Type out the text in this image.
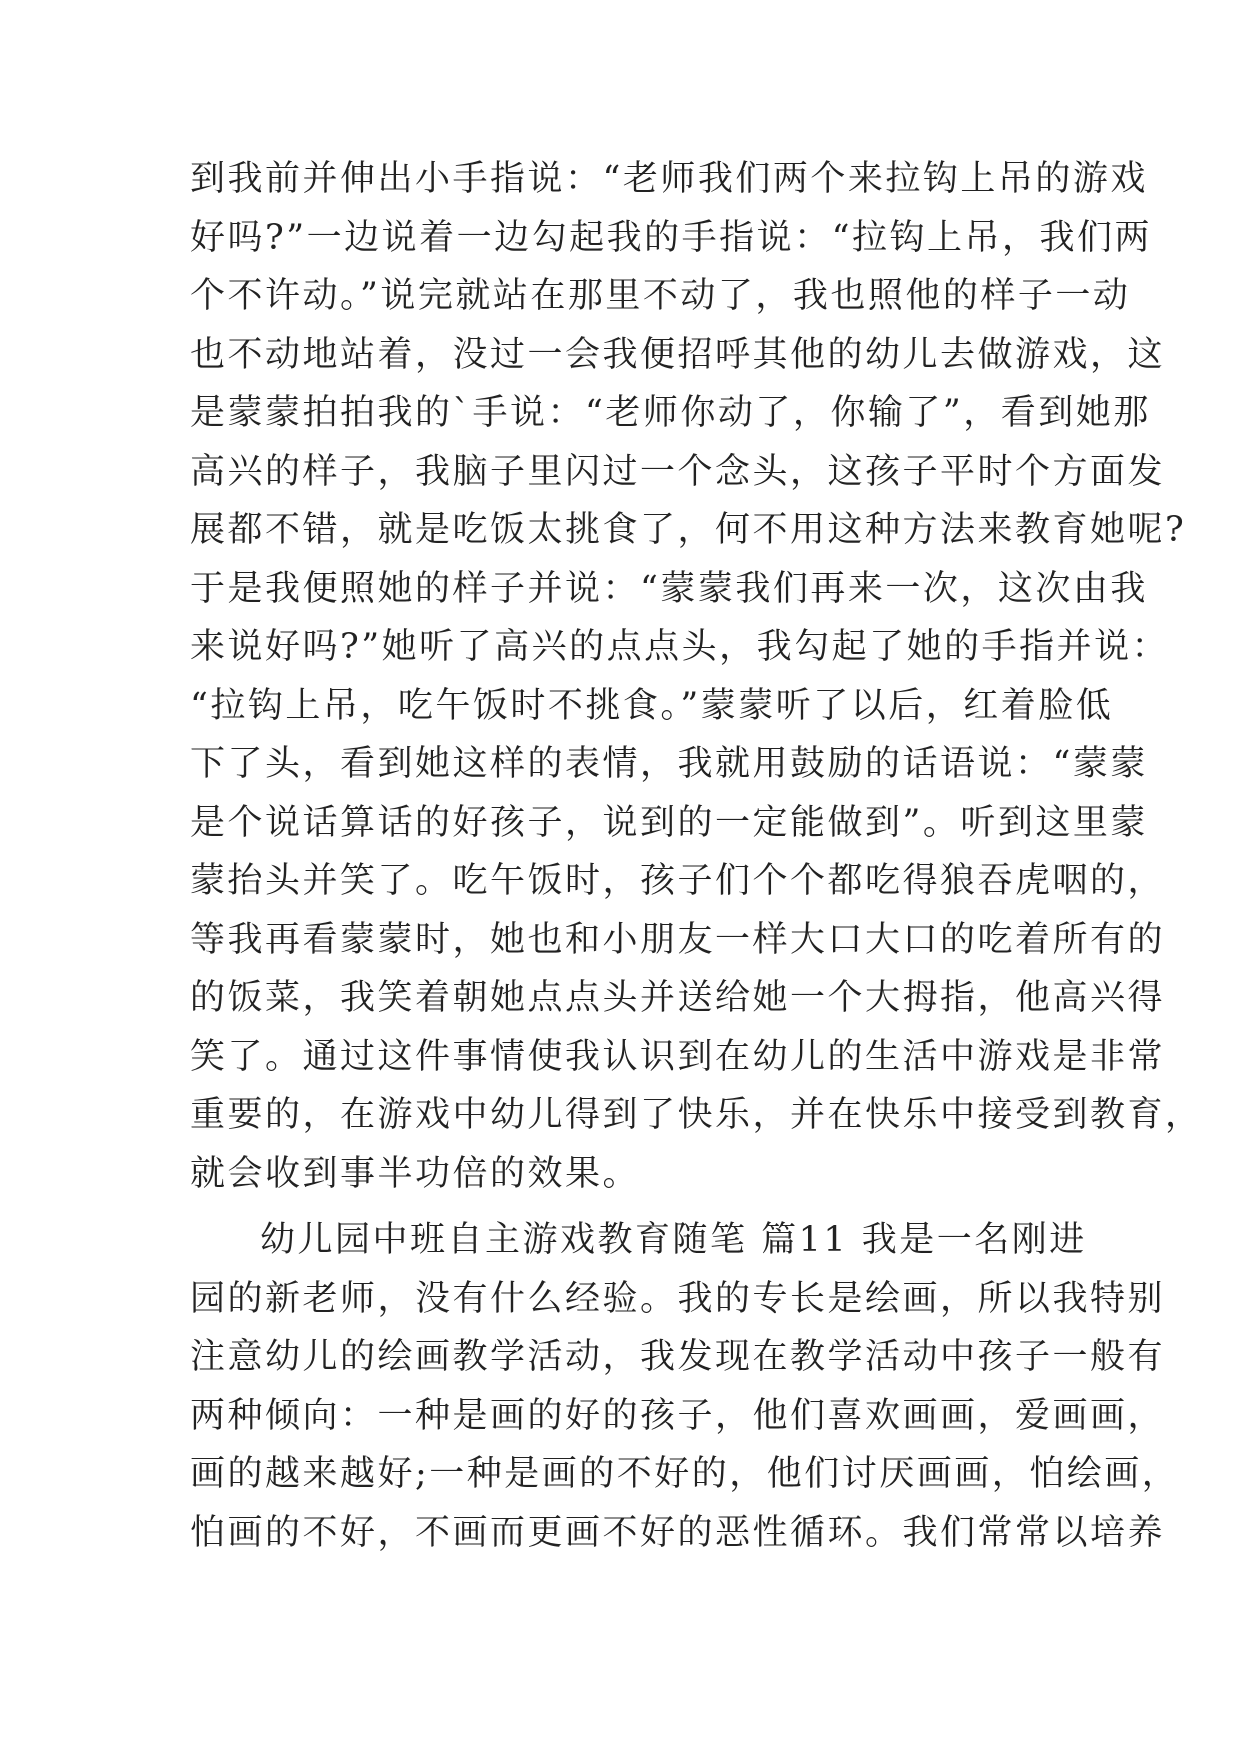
到我前并伸出小手指说：“老师我们两个来拉钩上吊的游戏
好吗?”一边说着一边勾起我的手指说：“拉钩上吊，我们两
个不许动。”说完就站在那里不动了，我也照他的样子一动
也不动地站着，没过一会我便招呼其他的幼儿去做游戏，这
是蒙蒙拍拍我的`手说：“老师你动了，你输了”，看到她那
高兴的样子，我脑子里闪过一个念头，这孩子平时个方面发
展都不错，就是吃饭太挑食了，何不用这种方法来教育她呢?
于是我便照她的样子并说：“蒙蒙我们再来一次，这次由我
来说好吗?”她听了高兴的点点头，我勾起了她的手指并说：
“拉钩上吊，吃午饭时不挑食。”蒙蒙听了以后，红着脸低
下了头，看到她这样的表情，我就用鼓励的话语说：“蒙蒙
是个说话算话的好孩子，说到的一定能做到”。听到这里蒙
蒙抬头并笑了。吃午饭时，孩子们个个都吃得狼吞虎咽的，
等我再看蒙蒙时，她也和小朋友一样大口大口的吃着所有的
的饭菜，我笑着朝她点点头并送给她一个大拇指，他高兴得
笑了。通过这件事情使我认识到在幼儿的生活中游戏是非常
重要的，在游戏中幼儿得到了快乐，并在快乐中接受到教育，
就会收到事半功倍的效果。
幼儿园中班自主游戏教育随笔 篇11 我是一名刚进
园的新老师，没有什么经验。我的专长是绘画，所以我特别
注意幼儿的绘画教学活动，我发现在教学活动中孩子一般有
两种倾向：一种是画的好的孩子，他们喜欢画画，爱画画，
画的越来越好;一种是画的不好的，他们讨厌画画，怕绘画，
怕画的不好，不画而更画不好的恶性循环。我们常常以培养
